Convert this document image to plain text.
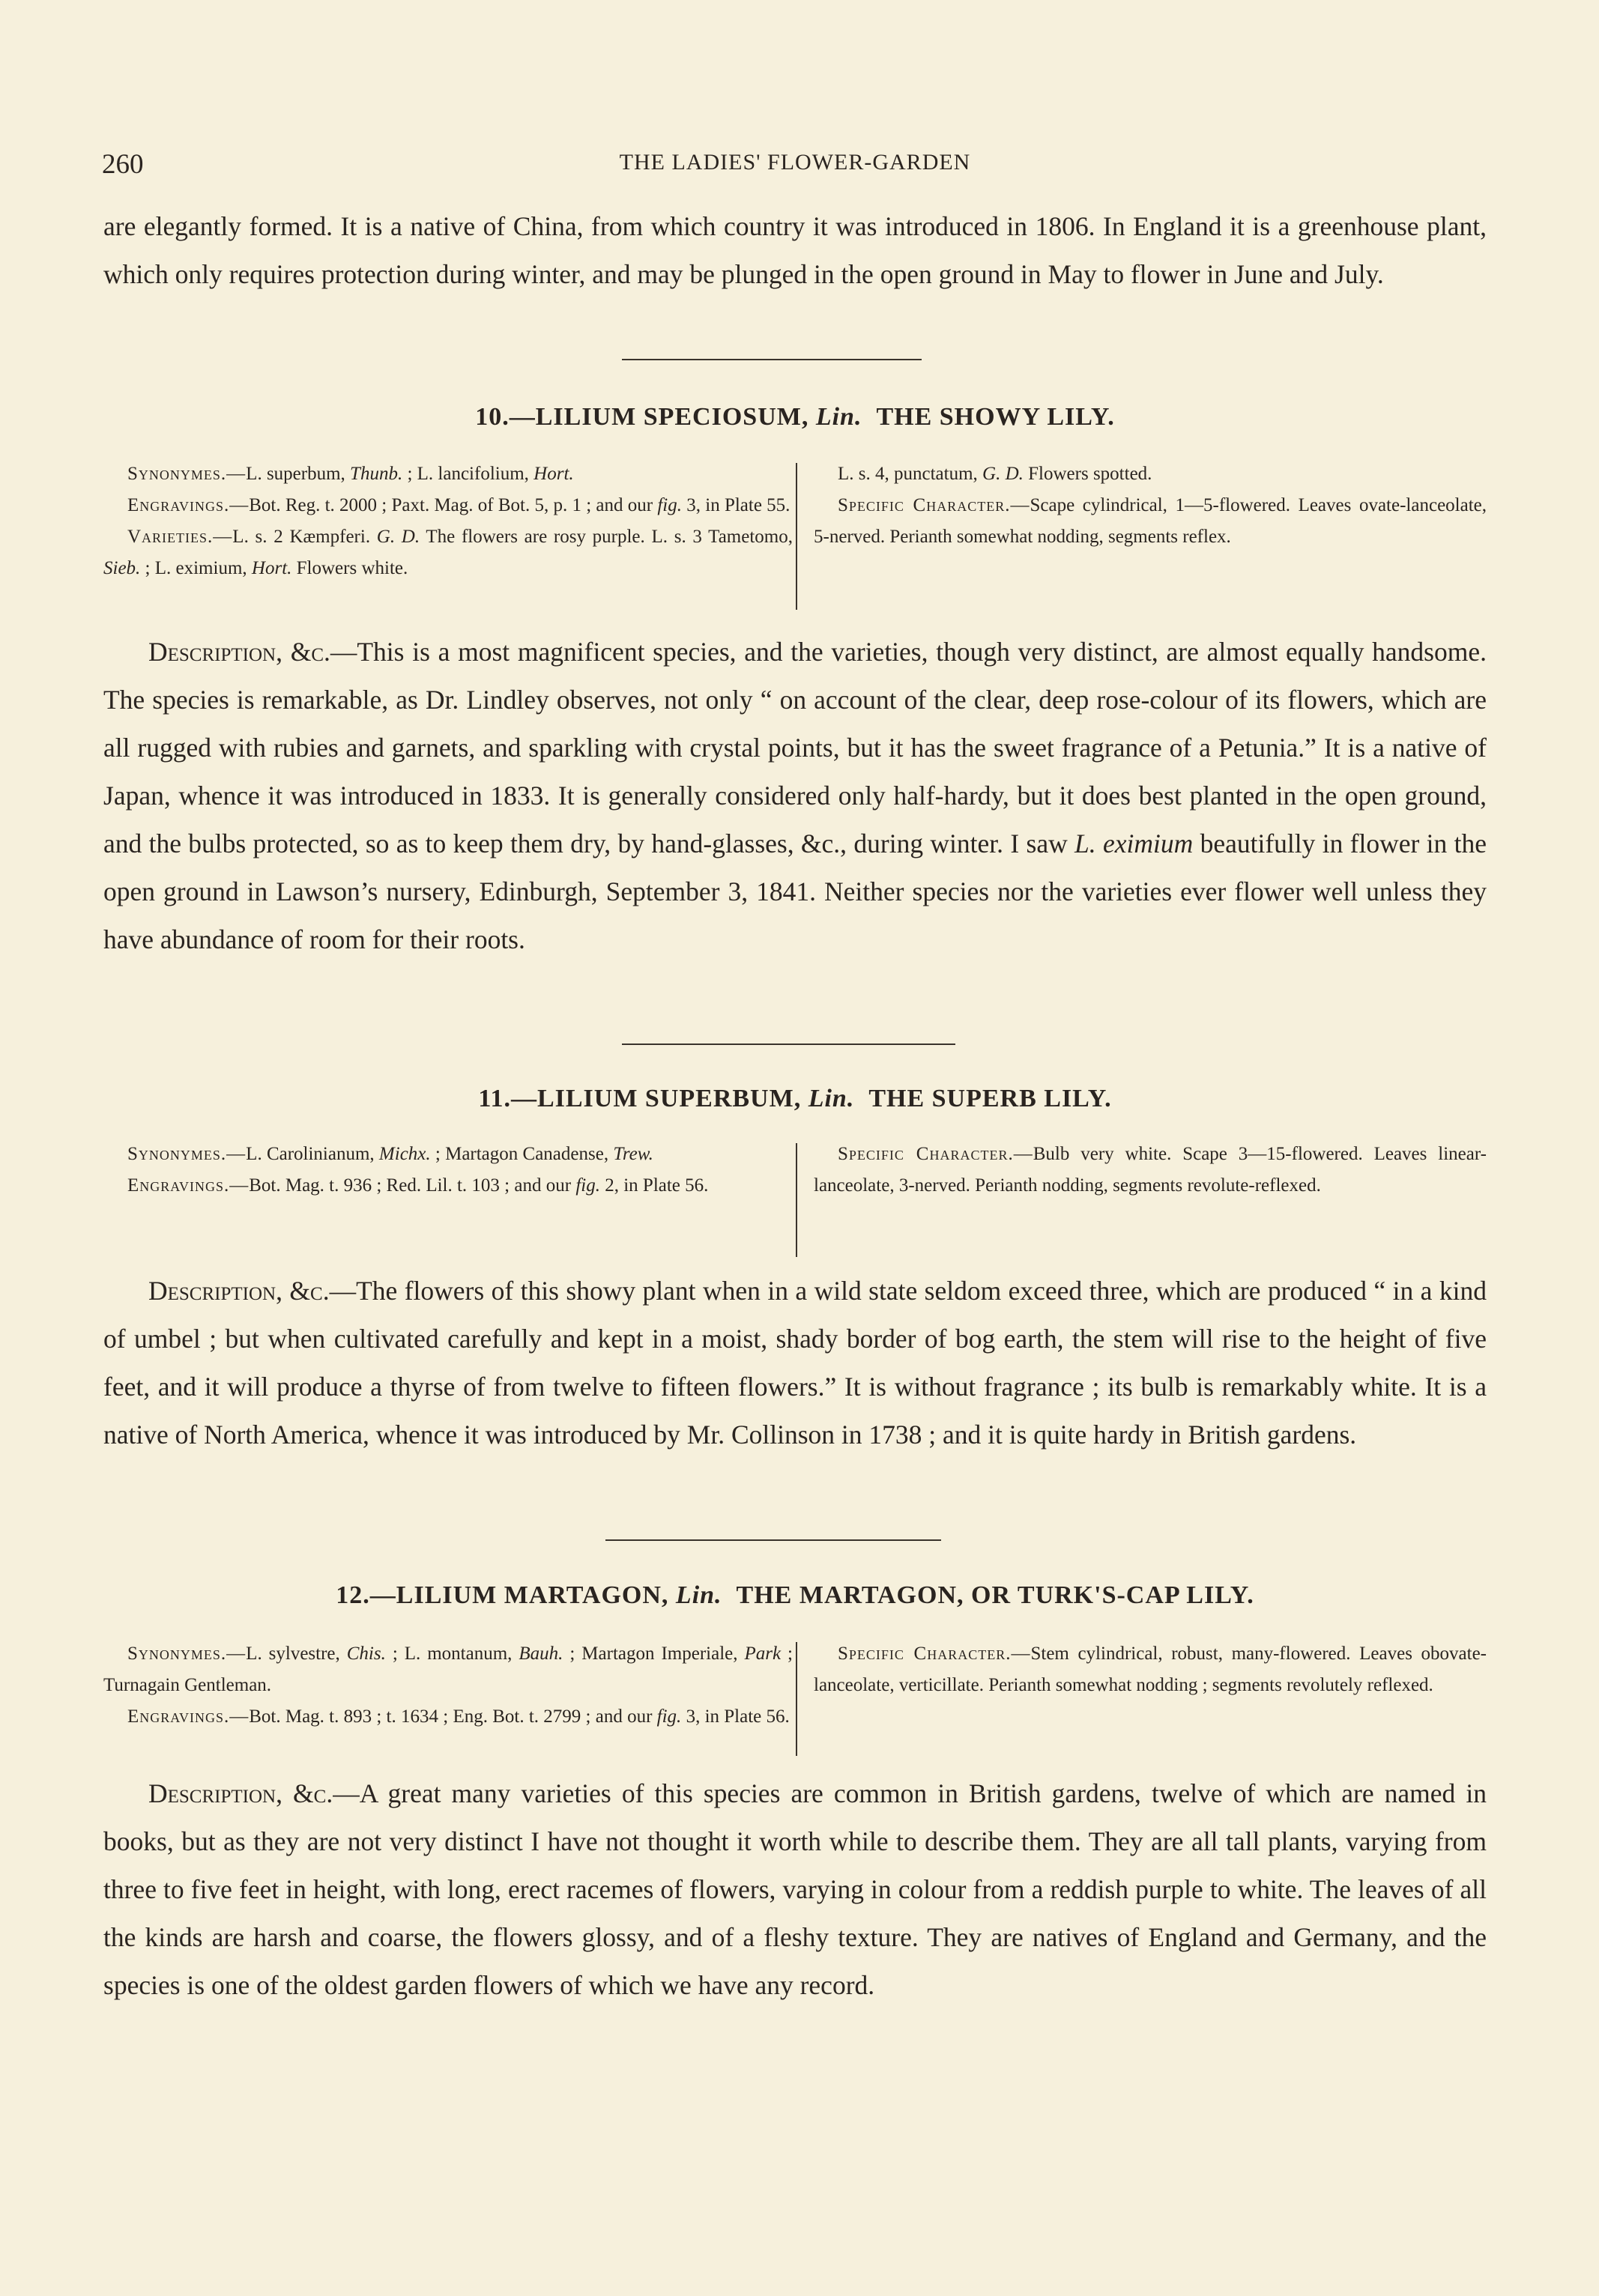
260	THE LADIES' FLOWER-GARDEN

are elegantly formed. It is a native of China, from which country it was introduced in 1806. In England it is a greenhouse plant, which only requires protection during winter, and may be plunged in the open ground in May to flower in June and July.

10.—LILIUM SPECIOSUM, Lin. THE SHOWY LILY.
Synonymes.—L. superbum, Thunb. ; L. lancifolium, Hort.
Engravings.—Bot. Reg. t. 2000 ; Paxt. Mag. of Bot. 5, p. 1 ; and our fig. 3, in Plate 55.
Varieties.—L. s. 2 Kæmpferi. G. D. The flowers are rosy purple. L. s. 3 Tametomo, Sieb. ; L. eximium, Hort. Flowers white.
L. s. 4, punctatum, G. D. Flowers spotted.
Specific Character.—Scape cylindrical, 1—5-flowered. Leaves ovate-lanceolate, 5-nerved. Perianth somewhat nodding, segments reflex.

Description, &c.—This is a most magnificent species, and the varieties, though very distinct, are almost equally handsome. The species is remarkable, as Dr. Lindley observes, not only “ on account of the clear, deep rose-colour of its flowers, which are all rugged with rubies and garnets, and sparkling with crystal points, but it has the sweet fragrance of a Petunia.” It is a native of Japan, whence it was introduced in 1833. It is generally considered only half-hardy, but it does best planted in the open ground, and the bulbs protected, so as to keep them dry, by hand-glasses, &c., during winter. I saw L. eximium beautifully in flower in the open ground in Lawson’s nursery, Edinburgh, September 3, 1841. Neither species nor the varieties ever flower well unless they have abundance of room for their roots.

11.—LILIUM SUPERBUM, Lin. THE SUPERB LILY.
Synonymes.—L. Carolinianum, Michx. ; Martagon Canadense, Trew.
Engravings.—Bot. Mag. t. 936 ; Red. Lil. t. 103 ; and our fig. 2, in Plate 56.
Specific Character.—Bulb very white. Scape 3—15-flowered. Leaves linear-lanceolate, 3-nerved. Perianth nodding, segments revolute-reflexed.

Description, &c.—The flowers of this showy plant when in a wild state seldom exceed three, which are produced “ in a kind of umbel ; but when cultivated carefully and kept in a moist, shady border of bog earth, the stem will rise to the height of five feet, and it will produce a thyrse of from twelve to fifteen flowers.” It is without fragrance ; its bulb is remarkably white. It is a native of North America, whence it was introduced by Mr. Collinson in 1738 ; and it is quite hardy in British gardens.

12.—LILIUM MARTAGON, Lin. THE MARTAGON, OR TURK'S-CAP LILY.
Synonymes.—L. sylvestre, Chis. ; L. montanum, Bauh. ; Martagon Imperiale, Park ; Turnagain Gentleman.
Engravings.—Bot. Mag. t. 893 ; t. 1634 ; Eng. Bot. t. 2799 ; and our fig. 3, in Plate 56.
Specific Character.—Stem cylindrical, robust, many-flowered. Leaves obovate-lanceolate, verticillate. Perianth somewhat nodding ; segments revolutely reflexed.

Description, &c.—A great many varieties of this species are common in British gardens, twelve of which are named in books, but as they are not very distinct I have not thought it worth while to describe them. They are all tall plants, varying from three to five feet in height, with long, erect racemes of flowers, varying in colour from a reddish purple to white. The leaves of all the kinds are harsh and coarse, the flowers glossy, and of a fleshy texture. They are natives of England and Germany, and the species is one of the oldest garden flowers of which we have any record.
